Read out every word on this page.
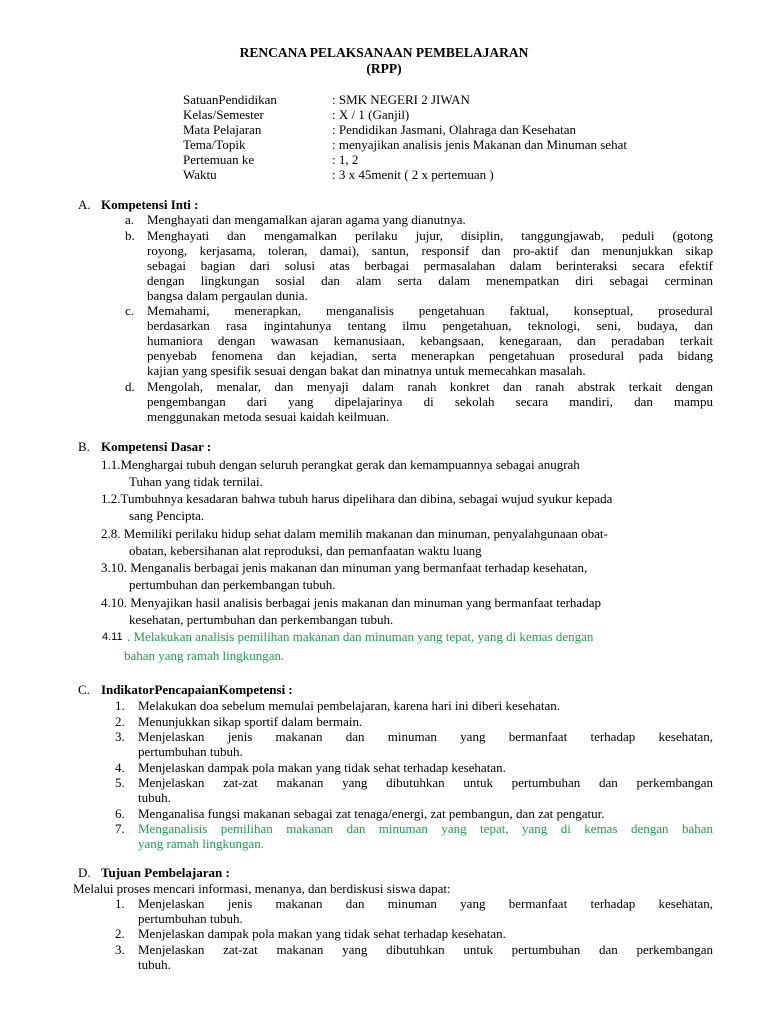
RENCANA PELAKSANAAN PEMBELAJARAN
(RPP)
SatuanPendidikan	: SMK NEGERI 2 JIWAN
Kelas/Semester	: X / 1 (Ganjil)
Mata Pelajaran	: Pendidikan Jasmani, Olahraga dan Kesehatan
Tema/Topik	: menyajikan analisis jenis Makanan dan Minuman sehat
Pertemuan ke	: 1, 2
Waktu	: 3 x 45menit ( 2 x pertemuan )
A. Kompetensi Inti :
a. Menghayati dan mengamalkan ajaran agama yang dianutnya.
b. Menghayati dan mengamalkan perilaku jujur, disiplin, tanggungjawab, peduli (gotong
royong, kerjasama, toleran, damai), santun, responsif dan pro-aktif dan menunjukkan sikap
sebagai bagian dari solusi atas berbagai permasalahan dalam berinteraksi secara efektif
dengan lingkungan sosial dan alam serta dalam menempatkan diri sebagai cerminan
bangsa dalam pergaulan dunia.
c. Memahami, menerapkan, menganalisis pengetahuan faktual, konseptual, prosedural
berdasarkan rasa ingintahunya tentang ilmu pengetahuan, teknologi, seni, budaya, dan
humaniora dengan wawasan kemanusiaan, kebangsaan, kenegaraan, dan peradaban terkait
penyebab fenomena dan kejadian, serta menerapkan pengetahuan prosedural pada bidang
kajian yang spesifik sesuai dengan bakat dan minatnya untuk memecahkan masalah.
d. Mengolah, menalar, dan menyaji dalam ranah konkret dan ranah abstrak terkait dengan
pengembangan dari yang dipelajarinya di sekolah secara mandiri, dan mampu
menggunakan metoda sesuai kaidah keilmuan.
B. Kompetensi Dasar :
1.1.Menghargai tubuh dengan seluruh perangkat gerak dan kemampuannya sebagai anugrah
Tuhan yang tidak ternilai.
1.2.Tumbuhnya kesadaran bahwa tubuh harus dipelihara dan dibina, sebagai wujud syukur kepada
sang Pencipta.
2.8. Memiliki perilaku hidup sehat dalam memilih makanan dan minuman, penyalahgunaan obat-
obatan, kebersihanan alat reproduksi, dan pemanfaatan waktu luang
3.10. Menganalis berbagai jenis makanan dan minuman yang bermanfaat terhadap kesehatan,
pertumbuhan dan perkembangan tubuh.
4.10. Menyajikan hasil analisis berbagai jenis makanan dan minuman yang bermanfaat terhadap
kesehatan, pertumbuhan dan perkembangan tubuh.
4.11 . Melakukan analisis pemilihan makanan dan minuman yang tepat, yang di kemas dengan
bahan yang ramah lingkungan.
C. IndikatorPencapaianKompetensi :
1. Melakukan doa sebelum memulai pembelajaran, karena hari ini diberi kesehatan.
2. Menunjukkan sikap sportif dalam bermain.
3. Menjelaskan jenis makanan dan minuman yang bermanfaat terhadap kesehatan,
pertumbuhan tubuh.
4. Menjelaskan dampak pola makan yang tidak sehat terhadap kesehatan.
5. Menjelaskan zat-zat makanan yang dibutuhkan untuk pertumbuhan dan perkembangan
tubuh.
6. Menganalisa fungsi makanan sebagai zat tenaga/energi, zat pembangun, dan zat pengatur.
7. Menganalisis pemilihan makanan dan minuman yang tepat, yang di kemas dengan bahan
yang ramah lingkungan.
D. Tujuan Pembelajaran :
Melalui proses mencari informasi, menanya, dan berdiskusi siswa dapat:
1. Menjelaskan jenis makanan dan minuman yang bermanfaat terhadap kesehatan,
pertumbuhan tubuh.
2. Menjelaskan dampak pola makan yang tidak sehat terhadap kesehatan.
3. Menjelaskan zat-zat makanan yang dibutuhkan untuk pertumbuhan dan perkembangan
tubuh.
